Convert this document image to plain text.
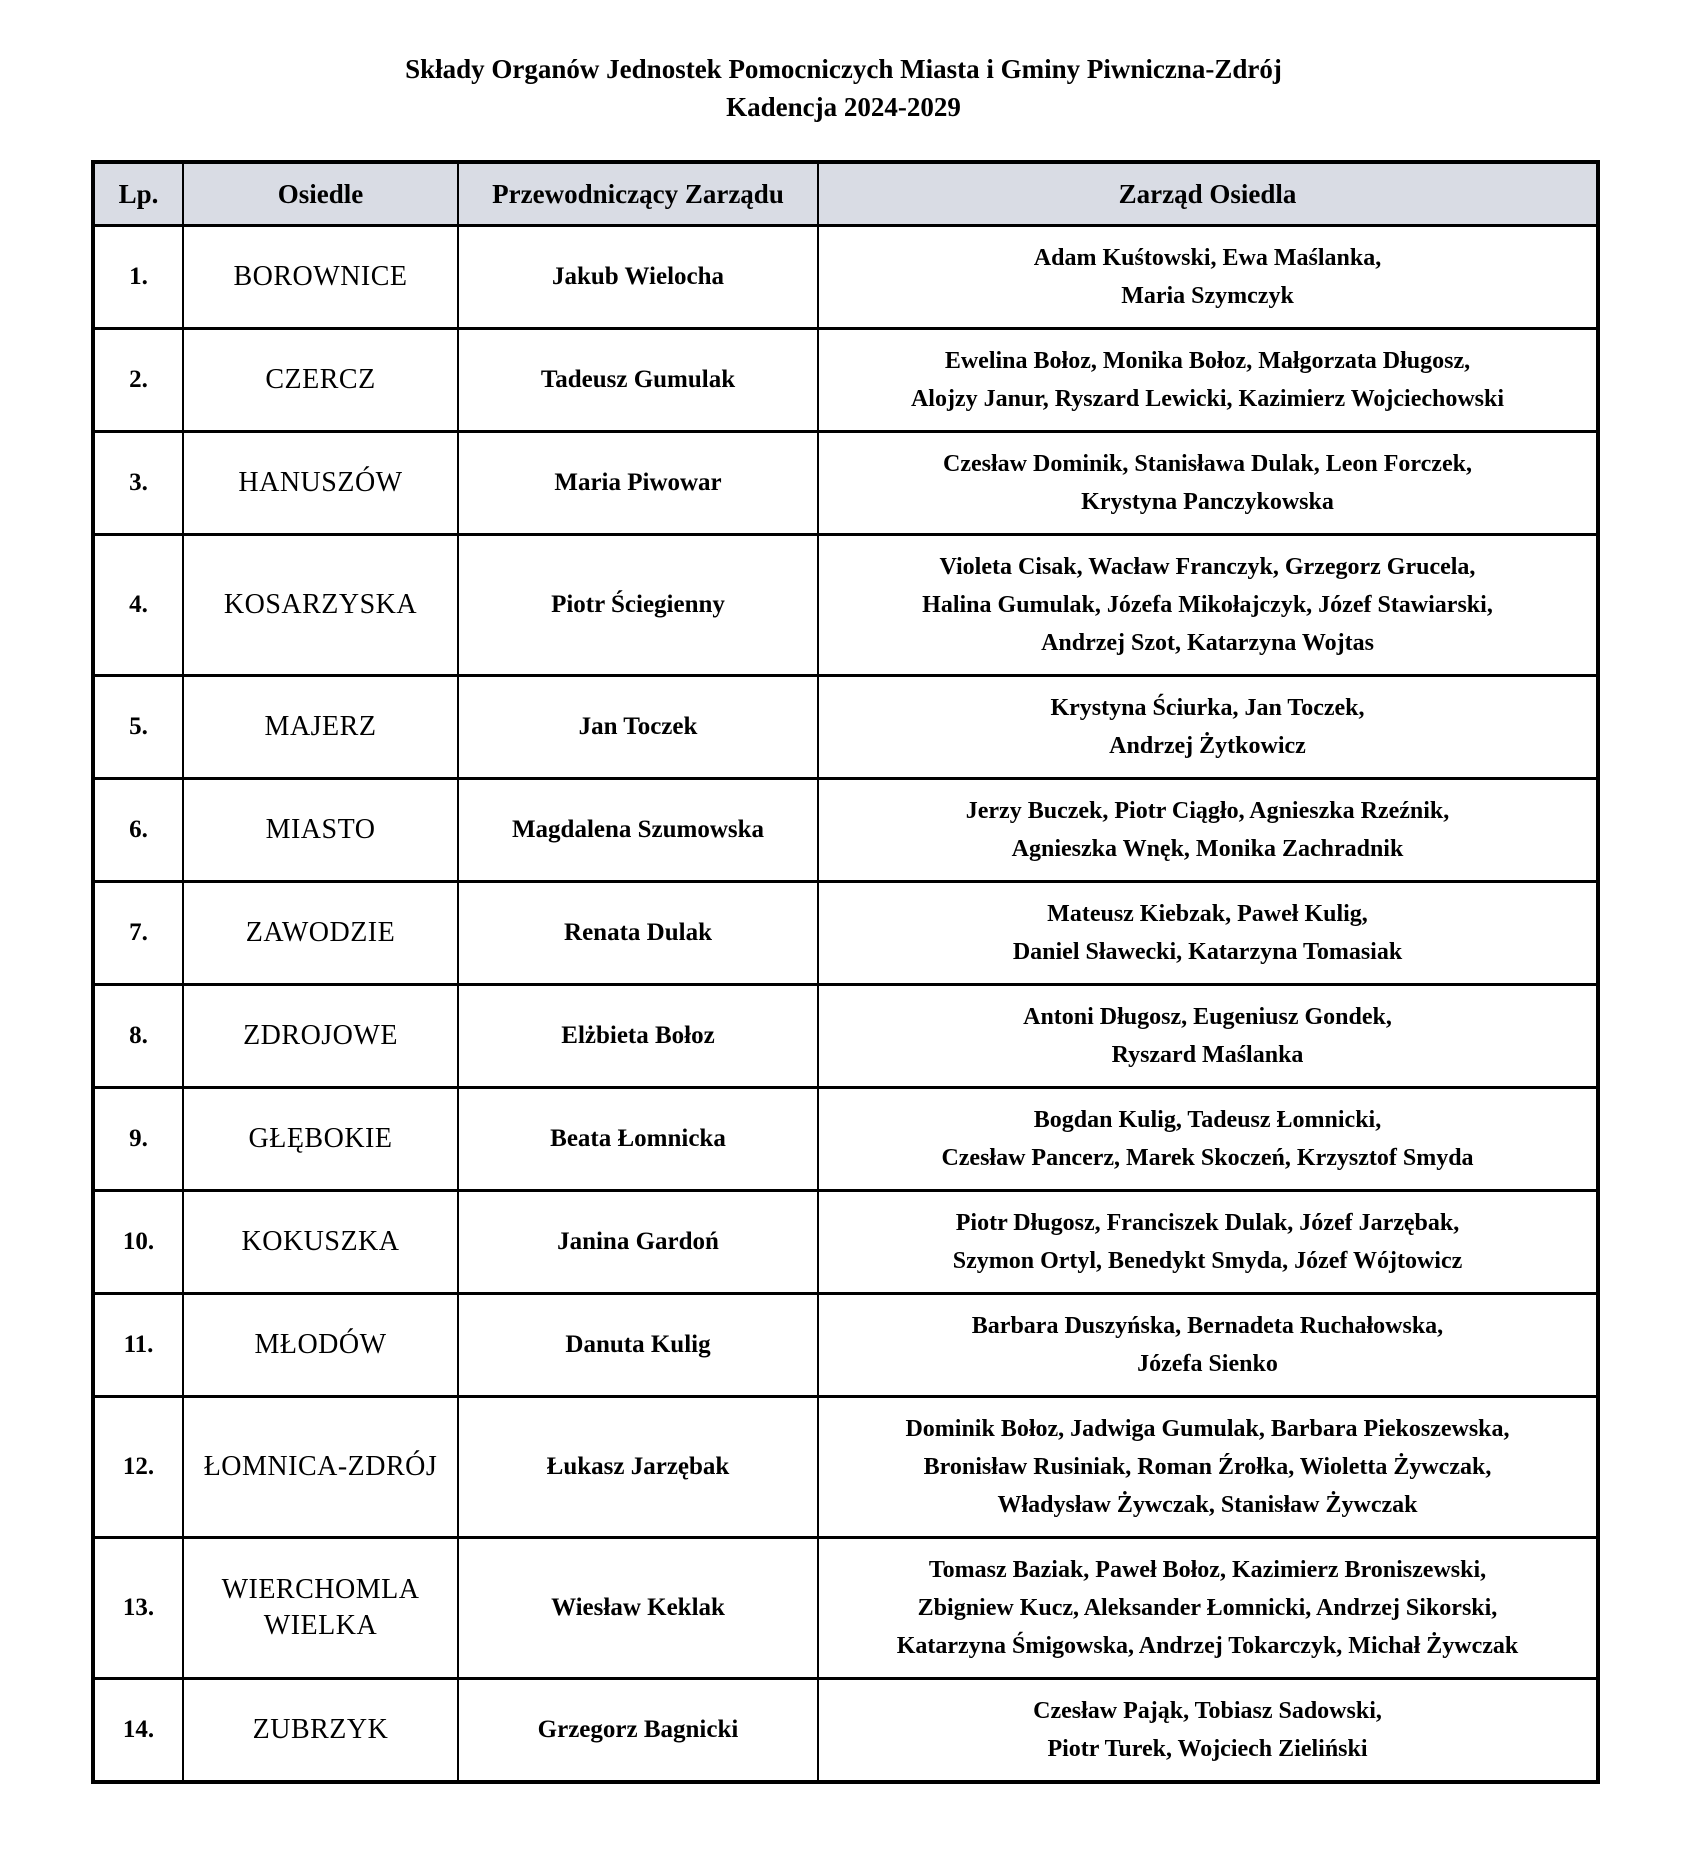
Składy Organów Jednostek Pomocniczych Miasta i Gminy Piwniczna-Zdrój
Kadencja 2024-2029
Lp.	Osiedle	Przewodniczący Zarządu	Zarząd Osiedla
1.	BOROWNICE	Jakub Wielocha	Adam Kuśtowski, Ewa Maślanka,
Maria Szymczyk

2.	CZERCZ	Tadeusz Gumulak	Ewelina Bołoz, Monika Bołoz, Małgorzata Długosz,
Alojzy Janur, Ryszard Lewicki, Kazimierz Wojciechowski

3.	HANUSZÓW	Maria Piwowar	Czesław Dominik, Stanisława Dulak, Leon Forczek,
Krystyna Panczykowska

4.	KOSARZYSKA	Piotr Ściegienny	Violeta Cisak, Wacław Franczyk, Grzegorz Grucela,
Halina Gumulak, Józefa Mikołajczyk, Józef Stawiarski,
Andrzej Szot, Katarzyna Wojtas

5.	MAJERZ	Jan Toczek	Krystyna Ściurka, Jan Toczek,
Andrzej Żytkowicz

6.	MIASTO	Magdalena Szumowska	Jerzy Buczek, Piotr Ciągło, Agnieszka Rzeźnik,
Agnieszka Wnęk, Monika Zachradnik

7.	ZAWODZIE	Renata Dulak	Mateusz Kiebzak, Paweł Kulig,
Daniel Sławecki, Katarzyna Tomasiak

8.	ZDROJOWE	Elżbieta Bołoz	Antoni Długosz, Eugeniusz Gondek,
Ryszard Maślanka

9.	GŁĘBOKIE	Beata Łomnicka	Bogdan Kulig, Tadeusz Łomnicki,
Czesław Pancerz, Marek Skoczeń, Krzysztof Smyda

10.	KOKUSZKA	Janina Gardoń	Piotr Długosz, Franciszek Dulak, Józef Jarzębak,
Szymon Ortyl, Benedykt Smyda, Józef Wójtowicz

11.	MŁODÓW	Danuta Kulig	Barbara Duszyńska, Bernadeta Ruchałowska,
Józefa Sienko

12.	ŁOMNICA-ZDRÓJ	Łukasz Jarzębak	Dominik Bołoz, Jadwiga Gumulak, Barbara Piekoszewska,
Bronisław Rusiniak, Roman Źrołka, Wioletta Żywczak,
Władysław Żywczak, Stanisław Żywczak

13.	WIERCHOMLA WIELKA	Wiesław Keklak	Tomasz Baziak, Paweł Bołoz, Kazimierz Broniszewski,
Zbigniew Kucz, Aleksander Łomnicki, Andrzej Sikorski,
Katarzyna Śmigowska, Andrzej Tokarczyk, Michał Żywczak

14.	ZUBRZYK	Grzegorz Bagnicki	Czesław Pająk, Tobiasz Sadowski,
Piotr Turek, Wojciech Zieliński
